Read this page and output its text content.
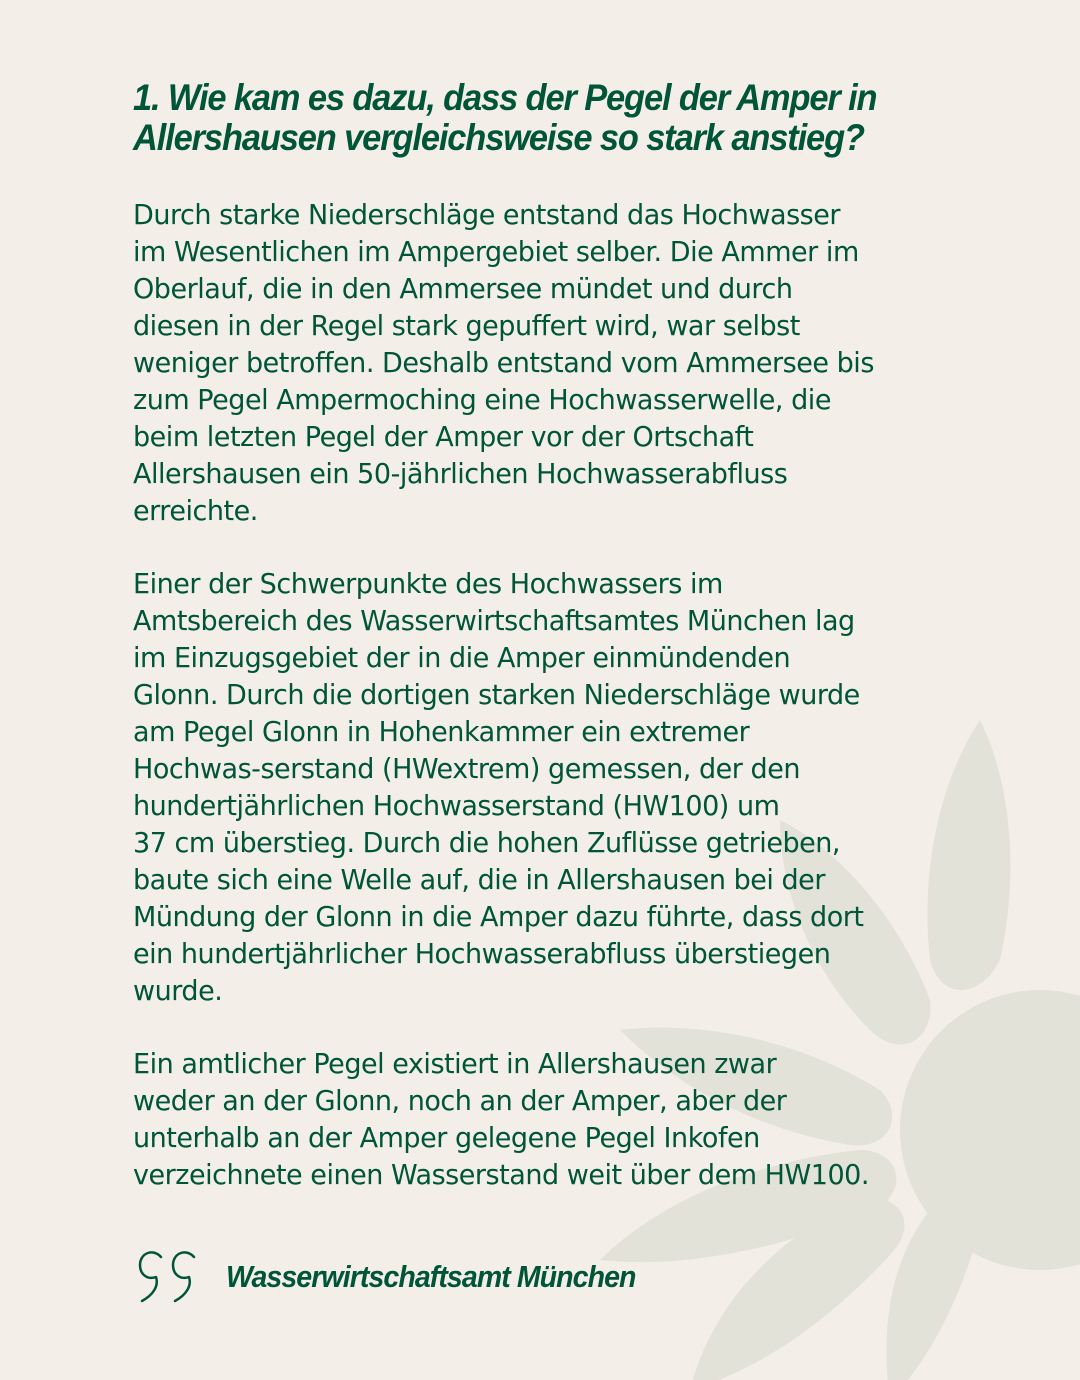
1. Wie kam es dazu, dass der Pegel der Amper in
Allershausen vergleichsweise so stark anstieg?

Durch starke Niederschläge entstand das Hochwasser
im Wesentlichen im Ampergebiet selber. Die Ammer im
Oberlauf, die in den Ammersee mündet und durch
diesen in der Regel stark gepuffert wird, war selbst
weniger betroffen. Deshalb entstand vom Ammersee bis
zum Pegel Ampermoching eine Hochwasserwelle, die
beim letzten Pegel der Amper vor der Ortschaft
Allershausen ein 50-jährlichen Hochwasserabfluss
erreichte.

Einer der Schwerpunkte des Hochwassers im
Amtsbereich des Wasserwirtschaftsamtes München lag
im Einzugsgebiet der in die Amper einmündenden
Glonn. Durch die dortigen starken Niederschläge wurde
am Pegel Glonn in Hohenkammer ein extremer
Hochwas-serstand (HWextrem) gemessen, der den
hundertjährlichen Hochwasserstand (HW100) um
37 cm überstieg. Durch die hohen Zuflüsse getrieben,
baute sich eine Welle auf, die in Allershausen bei der
Mündung der Glonn in die Amper dazu führte, dass dort
ein hundertjährlicher Hochwasserabfluss überstiegen
wurde.

Ein amtlicher Pegel existiert in Allershausen zwar
weder an der Glonn, noch an der Amper, aber der
unterhalb an der Amper gelegene Pegel Inkofen
verzeichnete einen Wasserstand weit über dem HW100.

Wasserwirtschaftsamt München
